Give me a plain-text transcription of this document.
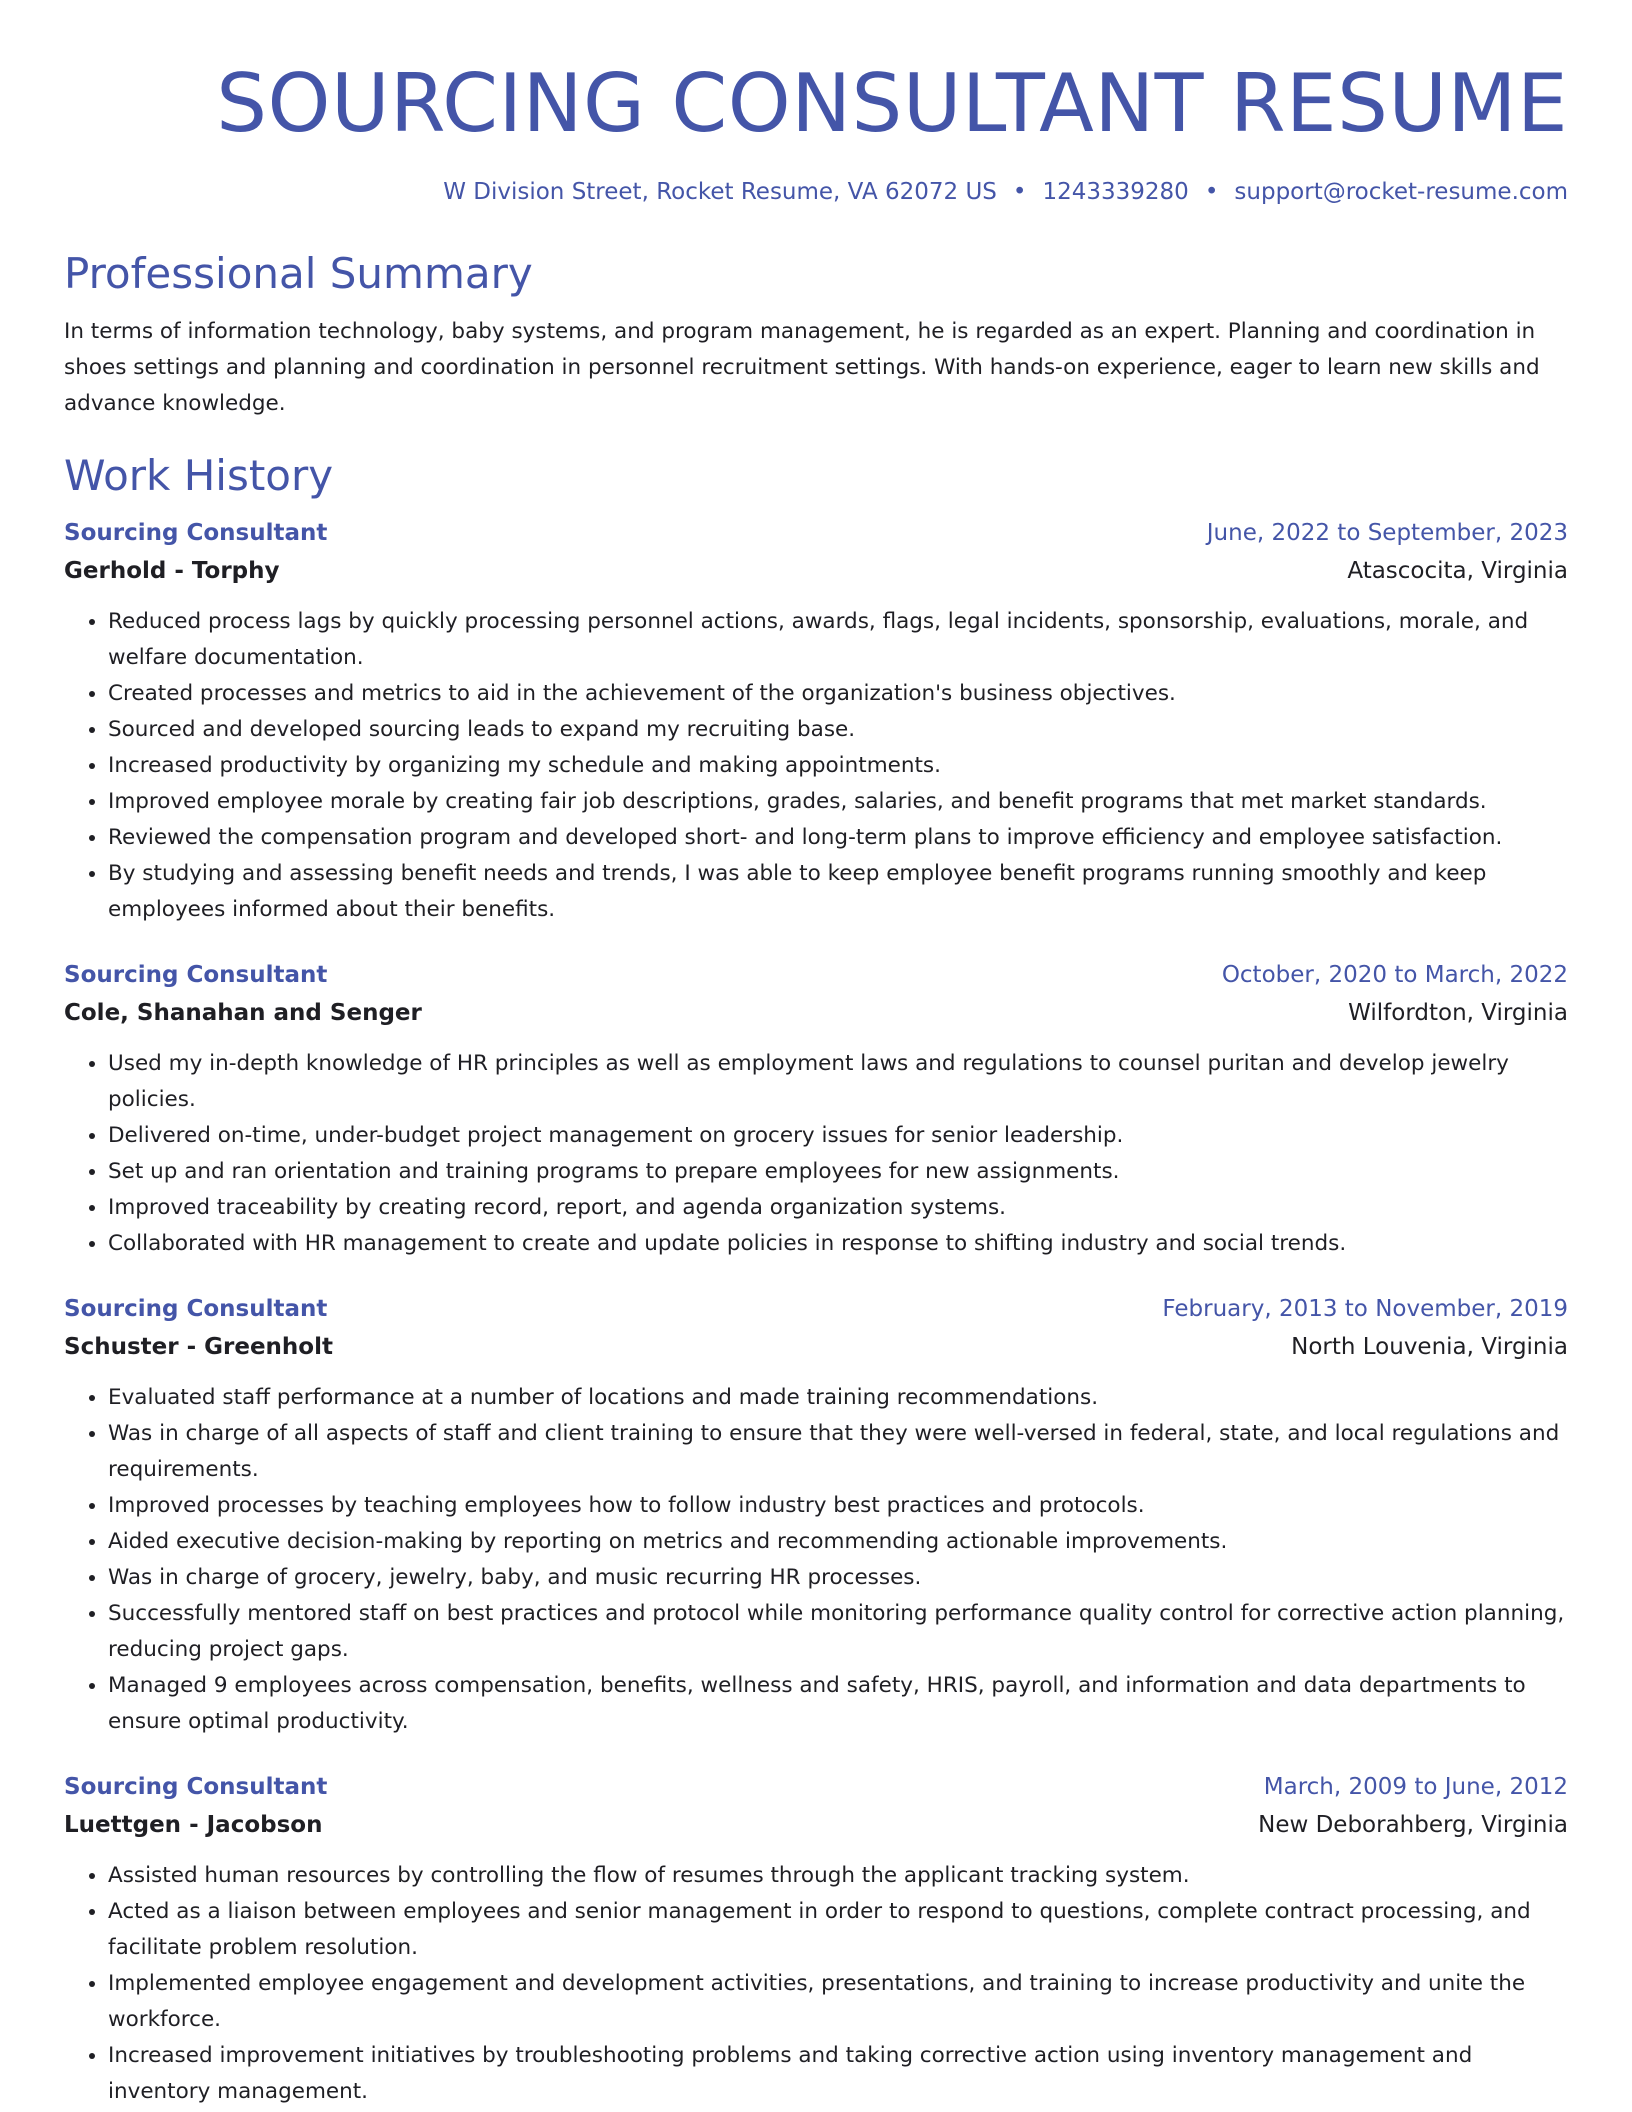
SOURCING CONSULTANT RESUME
W Division Street, Rocket Resume, VA 62072 US • 1243339280 • support@rocket-resume.com
Professional Summary

In terms of information technology, baby systems, and program management, he is regarded as an expert. Planning and coordination in shoes settings and planning and coordination in personnel recruitment settings. With hands-on experience, eager to learn new skills and advance knowledge.

Work History
Sourcing Consultant	June, 2022 to September, 2023
Gerhold - Torphy	Atascocita, Virginia
• Reduced process lags by quickly processing personnel actions, awards, flags, legal incidents, sponsorship, evaluations, morale, and welfare documentation.
• Created processes and metrics to aid in the achievement of the organization's business objectives.
• Sourced and developed sourcing leads to expand my recruiting base.
• Increased productivity by organizing my schedule and making appointments.
• Improved employee morale by creating fair job descriptions, grades, salaries, and benefit programs that met market standards.
• Reviewed the compensation program and developed short- and long-term plans to improve efficiency and employee satisfaction.
• By studying and assessing benefit needs and trends, I was able to keep employee benefit programs running smoothly and keep employees informed about their benefits.
Sourcing Consultant	October, 2020 to March, 2022
Cole, Shanahan and Senger	Wilfordton, Virginia
• Used my in-depth knowledge of HR principles as well as employment laws and regulations to counsel puritan and develop jewelry policies.
• Delivered on-time, under-budget project management on grocery issues for senior leadership.
• Set up and ran orientation and training programs to prepare employees for new assignments.
• Improved traceability by creating record, report, and agenda organization systems.
• Collaborated with HR management to create and update policies in response to shifting industry and social trends.
Sourcing Consultant	February, 2013 to November, 2019
Schuster - Greenholt	North Louvenia, Virginia
• Evaluated staff performance at a number of locations and made training recommendations.
• Was in charge of all aspects of staff and client training to ensure that they were well-versed in federal, state, and local regulations and requirements.
• Improved processes by teaching employees how to follow industry best practices and protocols.
• Aided executive decision-making by reporting on metrics and recommending actionable improvements.
• Was in charge of grocery, jewelry, baby, and music recurring HR processes.
• Successfully mentored staff on best practices and protocol while monitoring performance quality control for corrective action planning, reducing project gaps.
• Managed 9 employees across compensation, benefits, wellness and safety, HRIS, payroll, and information and data departments to ensure optimal productivity.
Sourcing Consultant	March, 2009 to June, 2012
Luettgen - Jacobson	New Deborahberg, Virginia
• Assisted human resources by controlling the flow of resumes through the applicant tracking system.
• Acted as a liaison between employees and senior management in order to respond to questions, complete contract processing, and facilitate problem resolution.
• Implemented employee engagement and development activities, presentations, and training to increase productivity and unite the workforce.
• Increased improvement initiatives by troubleshooting problems and taking corrective action using inventory management and inventory management.
